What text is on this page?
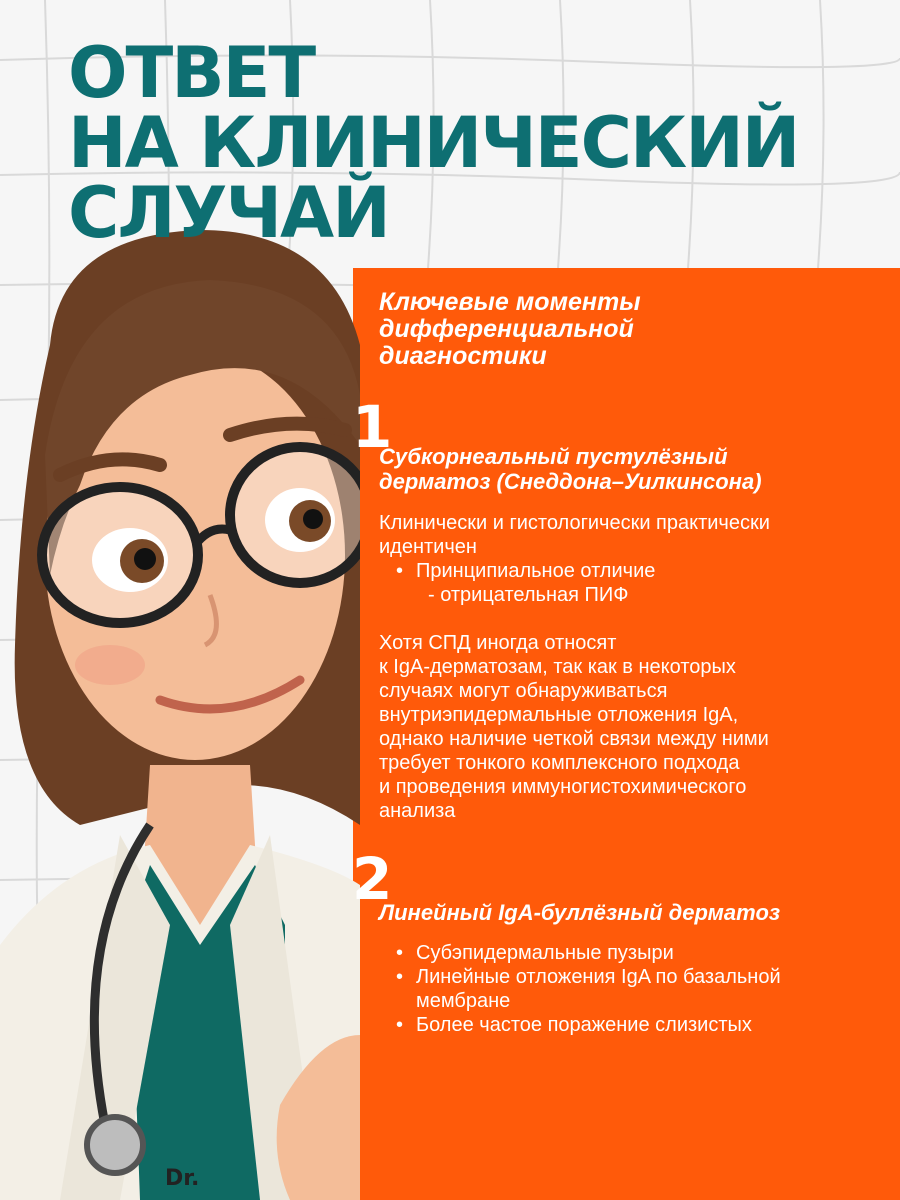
Dr.
ОТВЕТ
НА КЛИНИЧЕСКИЙ
СЛУЧАЙ
Ключевые моменты
дифференциальной
диагностики
1
Субкорнеальный пустулёзный
дерматоз (Снеддона–Уилкинсона)

Клинически и гистологически практически
идентичен

• Принципиальное отличие
- отрицательная ПИФ

Хотя СПД иногда относят
к IgA-дерматозам, так как в некоторых
случаях могут обнаруживаться
внутриэпидермальные отложения IgA,
однако наличие четкой связи между ними
требует тонкого комплексного подхода
и проведения иммуногистохимического
анализа

2
Линейный IgA-буллёзный дерматоз
• Субэпидермальные пузыри
• Линейные отложения IgA по базальной
мембране
• Более частое поражение слизистых
